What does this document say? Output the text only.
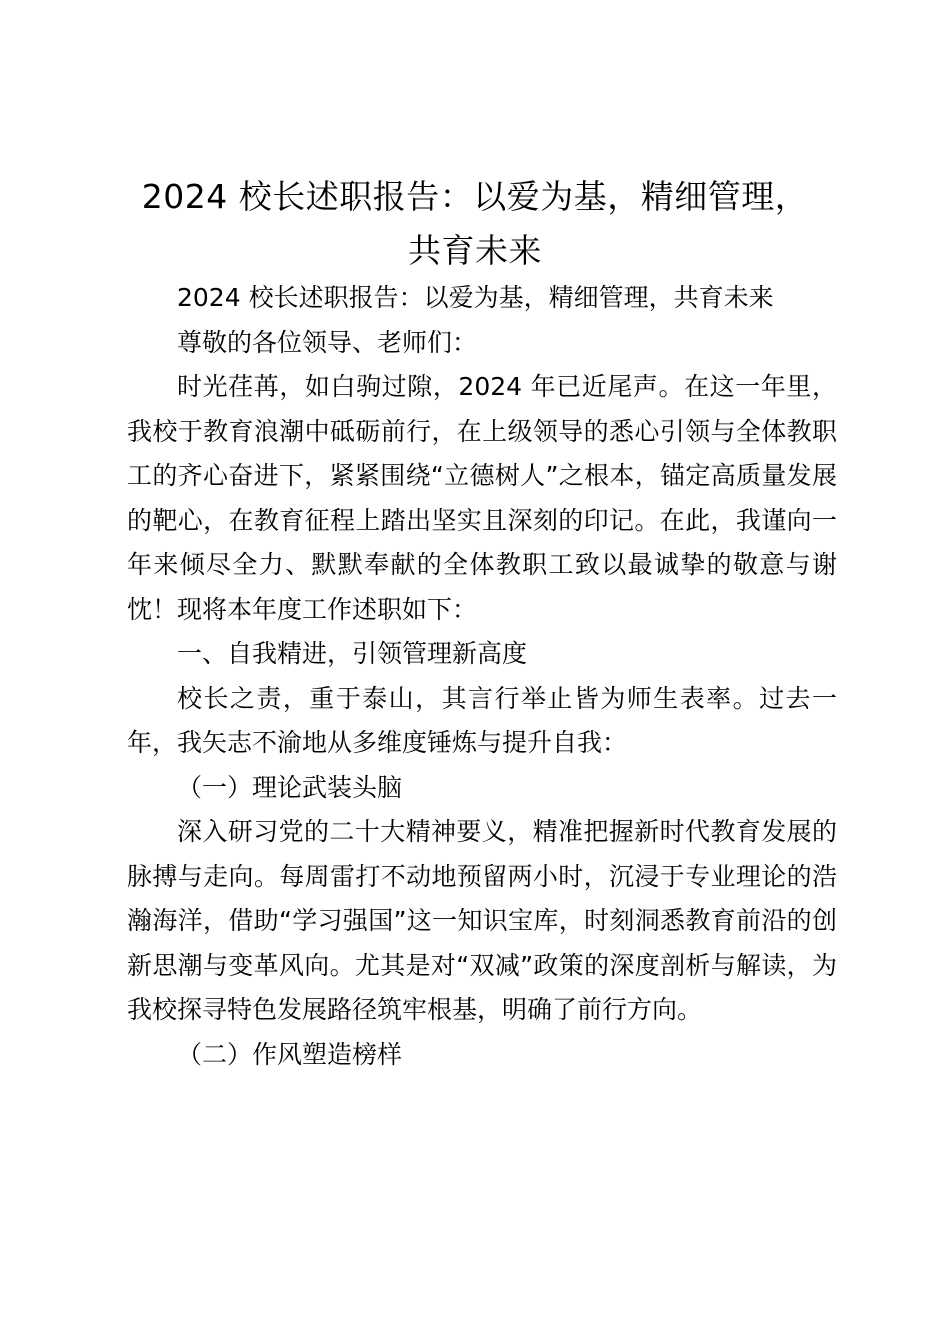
2024 校长述职报告：以爱为基，精细管理，
共育未来

2024 校长述职报告：以爱为基，精细管理，共育未来

尊敬的各位领导、老师们：

时光荏苒，如白驹过隙，2024 年已近尾声。在这一年里，我校于教育浪潮中砥砺前行，在上级领导的悉心引领与全体教职工的齐心奋进下，紧紧围绕“立德树人”之根本，锚定高质量发展的靶心，在教育征程上踏出坚实且深刻的印记。在此，我谨向一年来倾尽全力、默默奉献的全体教职工致以最诚挚的敬意与谢忱！现将本年度工作述职如下：

一、自我精进，引领管理新高度

校长之责，重于泰山，其言行举止皆为师生表率。过去一年，我矢志不渝地从多维度锤炼与提升自我：

（一）理论武装头脑

深入研习党的二十大精神要义，精准把握新时代教育发展的脉搏与走向。每周雷打不动地预留两小时，沉浸于专业理论的浩瀚海洋，借助“学习强国”这一知识宝库，时刻洞悉教育前沿的创新思潮与变革风向。尤其是对“双减”政策的深度剖析与解读，为我校探寻特色发展路径筑牢根基，明确了前行方向。

（二）作风塑造榜样
